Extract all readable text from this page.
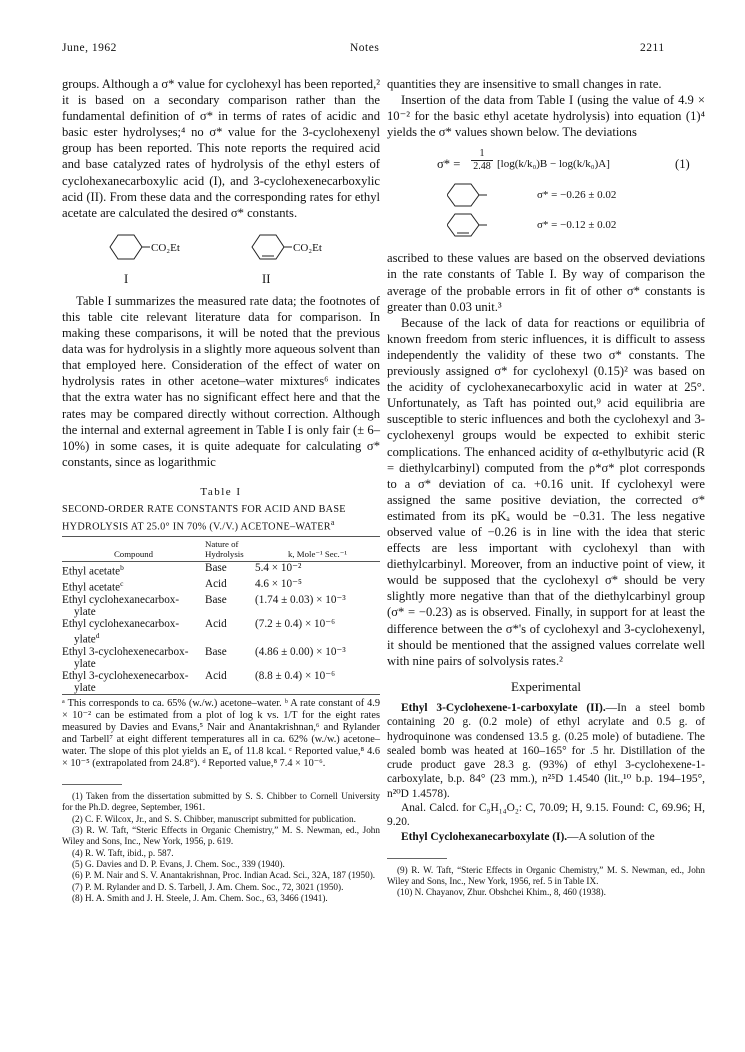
June, 1962	Notes	2211

groups. Although a σ* value for cyclohexyl has been reported,² it is based on a secondary comparison rather than the fundamental definition of σ* in terms of rates of acidic and basic ester hydrolyses;⁴ no σ* value for the 3-cyclohexenyl group has been reported. This note reports the required acid and base catalyzed rates of hydrolysis of the ethyl esters of cyclohexanecarboxylic acid (I), and 3-cyclohexenecarboxylic acid (II). From these data and the corresponding rates for ethyl acetate are calculated the desired σ* constants.

CO₂Et	CO₂Et
I	II

Table I summarizes the measured rate data; the footnotes of this table cite relevant literature data for comparison. In making these comparisons, it will be noted that the previous data was for hydrolysis in a slightly more aqueous solvent than that employed here. Consideration of the effect of water on hydrolysis rates in other acetone–water mixtures⁶ indicates that the extra water has no significant effect here and that the rates may be compared directly without correction. Although the internal and external agreement in Table I is only fair (± 6–10%) in some cases, it is quite adequate for calculating σ* constants, since as logarithmic

Table I
SECOND-ORDER RATE CONSTANTS FOR ACID AND BASE HYDROLYSIS AT 25.0° IN 70% (V./V.) ACETONE–WATER$^a$
Compound	Nature of Hydrolysis	k, Mole⁻¹ Sec.⁻¹
Ethyl acetate$^b$	Base	5.4 × 10⁻²
Ethyl acetate$^c$	Acid	4.6 × 10⁻⁵
Ethyl cyclohexanecarbox-
ylate	Base	(1.74 ± 0.03) × 10⁻³
Ethyl cyclohexanecarbox-
ylate$^d$	Acid	(7.2 ± 0.4) × 10⁻⁶
Ethyl 3-cyclohexenecarbox-
ylate	Base	(4.86 ± 0.00) × 10⁻³
Ethyl 3-cyclohexenecarbox-
ylate	Acid	(8.8 ± 0.4) × 10⁻⁶
ᵃ This corresponds to ca. 65% (w./w.) acetone–water. ᵇ A rate constant of 4.9 × 10⁻² can be estimated from a plot of log k vs. 1/T for the eight rates measured by Davies and Evans,⁵ Nair and Anantakrishnan,⁶ and Rylander and Tarbell⁷ at eight different temperatures all in ca. 62% (w./w.) acetone–water. The slope of this plot yields an Eₐ of 11.8 kcal. ᶜ Reported value,⁸ 4.6 × 10⁻⁵ (extrapolated from 24.8°). ᵈ Reported value,⁸ 7.4 × 10⁻⁶.
(1) Taken from the dissertation submitted by S. S. Chibber to Cornell University for the Ph.D. degree, September, 1961.
(2) C. F. Wilcox, Jr., and S. S. Chibber, manuscript submitted for publication.
(3) R. W. Taft, “Steric Effects in Organic Chemistry,” M. S. Newman, ed., John Wiley and Sons, Inc., New York, 1956, p. 619.
(4) R. W. Taft, ibid., p. 587.
(5) G. Davies and D. P. Evans, J. Chem. Soc., 339 (1940).
(6) P. M. Nair and S. V. Anantakrishnan, Proc. Indian Acad. Sci., 32A, 187 (1950).
(7) P. M. Rylander and D. S. Tarbell, J. Am. Chem. Soc., 72, 3021 (1950).
(8) H. A. Smith and J. H. Steele, J. Am. Chem. Soc., 63, 3466 (1941).

quantities they are insensitive to small changes in rate.

Insertion of the data from Table I (using the value of 4.9 × 10⁻² for the basic ethyl acetate hydrolysis) into equation (1)⁴ yields the σ* values shown below. The deviations

$\sigma* = \frac{1}{2.48} [\log(k/k_0)B - \log(k/k_0)A]$	(1)
σ* = −0.26 ± 0.02
σ* = −0.12 ± 0.02

ascribed to these values are based on the observed deviations in the rate constants of Table I. By way of comparison the average of the probable errors in fit of other σ* constants is greater than 0.03 unit.³

Because of the lack of data for reactions or equilibria of known freedom from steric influences, it is difficult to assess independently the validity of these two σ* constants. The previously assigned σ* for cyclohexyl (0.15)² was based on the acidity of cyclohexanecarboxylic acid in water at 25°. Unfortunately, as Taft has pointed out,⁹ acid equilibria are susceptible to steric influences and both the cyclohexyl and 3-cyclohexenyl groups would be expected to exhibit steric complications. The enhanced acidity of α-ethylbutyric acid (R = diethylcarbinyl) computed from the ρ*σ* plot corresponds to a σ* deviation of ca. +0.16 unit. If cyclohexyl were assigned the same positive deviation, the corrected σ* estimated from its pKₐ would be −0.31. The less negative observed value of −0.26 is in line with the idea that steric effects are less important with cyclohexyl than with diethylcarbinyl. Moreover, from an inductive point of view, it would be supposed that the cyclohexyl σ* should be very slightly more negative than that of the diethylcarbinyl group (σ* = −0.23) as is observed. Finally, in support for at least the difference between the σ*'s of cyclohexyl and 3-cyclohexenyl, it should be mentioned that the assigned values correlate well with nine pairs of solvolysis rates.²

Experimental

Ethyl 3-Cyclohexene-1-carboxylate (II).—In a steel bomb containing 20 g. (0.2 mole) of ethyl acrylate and 0.5 g. of hydroquinone was condensed 13.5 g. (0.25 mole) of butadiene. The sealed bomb was heated at 160–165° for .5 hr. Distillation of the crude product gave 28.3 g. (93%) of ethyl 3-cyclohexene-1-carboxylate, b.p. 84° (23 mm.), n²⁵D 1.4540 (lit.,¹⁰ b.p. 194–195°, n²⁰D 1.4578).

Anal. Calcd. for C₉H₁₄O₂: C, 70.09; H, 9.15. Found: C, 69.96; H, 9.20.

Ethyl Cyclohexanecarboxylate (I).—A solution of the

(9) R. W. Taft, “Steric Effects in Organic Chemistry,” M. S. Newman, ed., John Wiley and Sons, Inc., New York, 1956, ref. 5 in Table IX.
(10) N. Chayanov, Zhur. Obshchei Khim., 8, 460 (1938).
